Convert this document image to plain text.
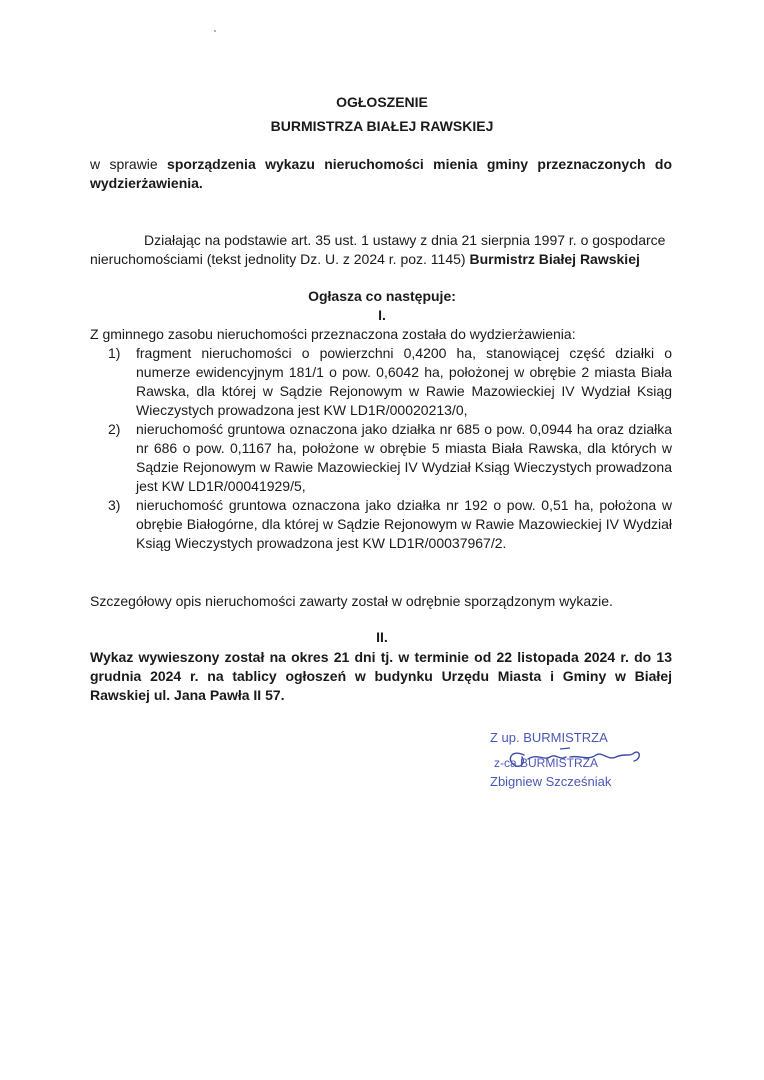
OGŁOSZENIE
BURMISTRZA BIAŁEJ RAWSKIEJ

w sprawie sporządzenia wykazu nieruchomości mienia gminy przeznaczonych do wydzierżawienia.

Działając na podstawie art. 35 ust. 1 ustawy z dnia 21 sierpnia 1997 r. o gospodarce nieruchomościami (tekst jednolity Dz. U. z 2024 r. poz. 1145) Burmistrz Białej Rawskiej

Ogłasza co następuje:
I.
Z gminnego zasobu nieruchomości przeznaczona została do wydzierżawienia:
1) fragment nieruchomości o powierzchni 0,4200 ha, stanowiącej część działki o numerze ewidencyjnym 181/1 o pow. 0,6042 ha, położonej w obrębie 2 miasta Biała Rawska, dla której w Sądzie Rejonowym w Rawie Mazowieckiej IV Wydział Ksiąg Wieczystych prowadzona jest KW LD1R/00020213/0,
2) nieruchomość gruntowa oznaczona jako działka nr 685 o pow. 0,0944 ha oraz działka nr 686 o pow. 0,1167 ha, położone w obrębie 5 miasta Biała Rawska, dla których w Sądzie Rejonowym w Rawie Mazowieckiej IV Wydział Ksiąg Wieczystych prowadzona jest KW LD1R/00041929/5,
3) nieruchomość gruntowa oznaczona jako działka nr 192 o pow. 0,51 ha, położona w obrębie Białogórne, dla której w Sądzie Rejonowym w Rawie Mazowieckiej IV Wydział Ksiąg Wieczystych prowadzona jest KW LD1R/00037967/2.
Szczegółowy opis nieruchomości zawarty został w odrębnie sporządzonym wykazie.
II.

Wykaz wywieszony został na okres 21 dni tj. w terminie od 22 listopada 2024 r. do 13 grudnia 2024 r. na tablicy ogłoszeń w budynku Urzędu Miasta i Gminy w Białej Rawskiej ul. Jana Pawła II 57.

Z up. BURMISTRZA
z-ca BURMISTRZA
Zbigniew Szcześniak
